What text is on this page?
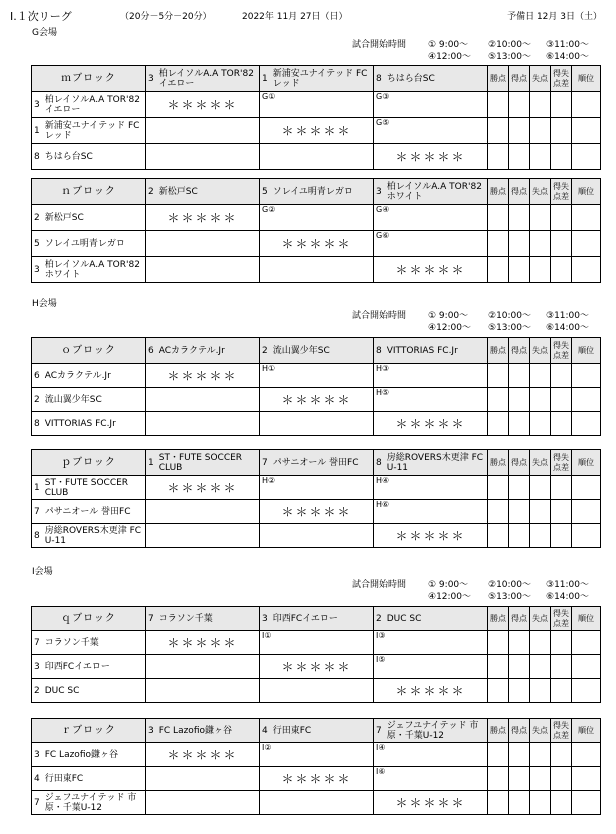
Ⅰ.１次リーグ	（20分－5分－20分）	2022年 11月 27日（日）	予備日 12月 3日（土）
G会場
試合開始時間 ① 9:00～ ②10:00～ ③11:00～
④12:00～ ⑤13:00～ ⑥14:00～
ｍブロック	3 柏レイソルA.A TOR'82 イエロー	1 新浦安ユナイテッド FCレッド	8 ちはら台SC	勝点	得点	失点	得失点差	順位

3 柏レイソルA.A TOR'82 イエロー	＊＊＊＊＊	G①	G③					

1 新浦安ユナイテッド FCレッド		＊＊＊＊＊	G⑤					

8 ちはら台SC			＊＊＊＊＊					
ｎブロック	2 新松戸SC	5 ソレイユ明青レガロ	3 柏レイソルA.A TOR'82 ホワイト	勝点	得点	失点	得失点差	順位

2 新松戸SC	＊＊＊＊＊	G②	G④					

5 ソレイユ明青レガロ		＊＊＊＊＊	G⑥					

3 柏レイソルA.A TOR'82 ホワイト			＊＊＊＊＊					
H会場
試合開始時間 ① 9:00～ ②10:00～ ③11:00～
④12:00～ ⑤13:00～ ⑥14:00～
ｏブロック	6 ACカラクテル.Jr	2 流山翼少年SC	8 VITTORIAS FC.Jr	勝点	得点	失点	得失点差	順位

6 ACカラクテル.Jr	＊＊＊＊＊	H①	H③					

2 流山翼少年SC		＊＊＊＊＊	H⑤					

8 VITTORIAS FC.Jr			＊＊＊＊＊					
ｐブロック	1 ST・FUTE SOCCER CLUB	7 パサニオール 誉田FC	8 房総ROVERS木更津 FC U-11	勝点	得点	失点	得失点差	順位

1 ST・FUTE SOCCER CLUB	＊＊＊＊＊	H②	H④					

7 パサニオール 誉田FC		＊＊＊＊＊	H⑥					

8 房総ROVERS木更津 FC U-11			＊＊＊＊＊					
I会場
試合開始時間 ① 9:00～ ②10:00～ ③11:00～
④12:00～ ⑤13:00～ ⑥14:00～
ｑブロック	7 コラソン千葉	3 印西FCイエロー	2 DUC SC	勝点	得点	失点	得失点差	順位

7 コラソン千葉	＊＊＊＊＊	I①	I③					

3 印西FCイエロー		＊＊＊＊＊	I⑤					

2 DUC SC			＊＊＊＊＊					
ｒブロック	3 FC Lazofio鎌ヶ谷	4 行田東FC	7 ジェフユナイテッド 市原・千葉U-12	勝点	得点	失点	得失点差	順位

3 FC Lazofio鎌ヶ谷	＊＊＊＊＊	I②	I④					

4 行田東FC		＊＊＊＊＊	I⑥					

7 ジェフユナイテッド 市原・千葉U-12			＊＊＊＊＊					
